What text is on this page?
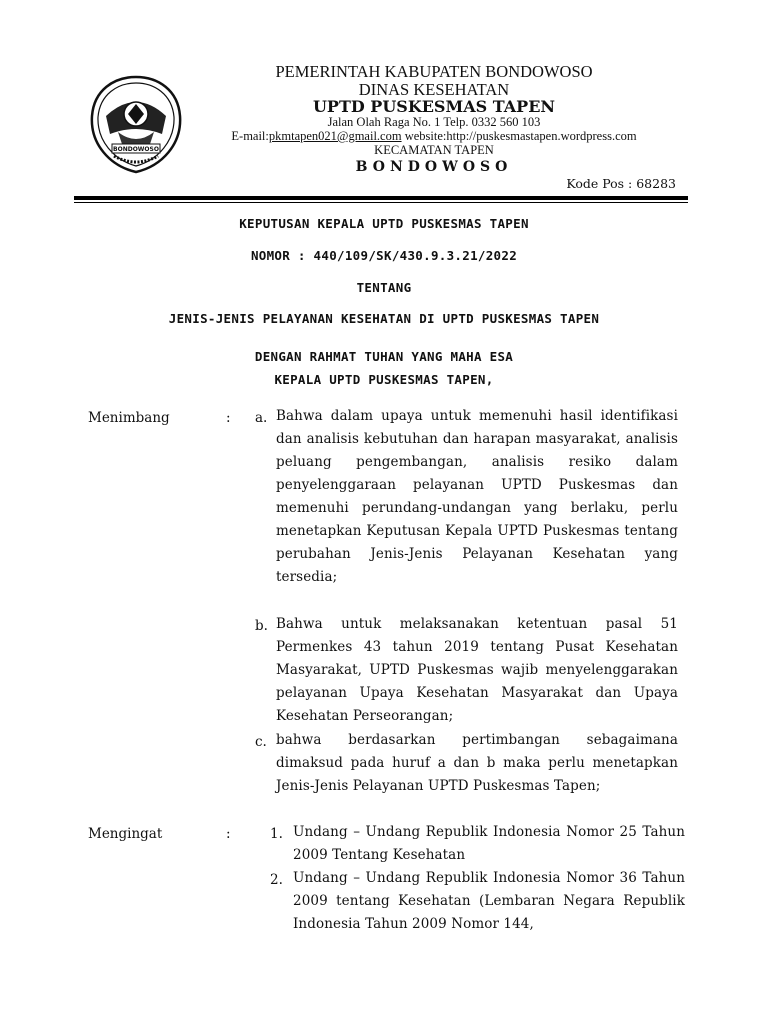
BONDOWOSO
PEMERINTAH KABUPATEN BONDOWOSO
DINAS KESEHATAN
UPTD PUSKESMAS TAPEN
Jalan Olah Raga No. 1 Telp. 0332 560 103
E-mail:pkmtapen021@gmail.com website:http://puskesmastapen.wordpress.com
KECAMATAN TAPEN
BONDOWOSO
Kode Pos : 68283
KEPUTUSAN KEPALA UPTD PUSKESMAS TAPEN
NOMOR : 440/109/SK/430.9.3.21/2022
TENTANG
JENIS-JENIS PELAYANAN KESEHATAN DI UPTD PUSKESMAS TAPEN
DENGAN RAHMAT TUHAN YANG MAHA ESA
KEPALA UPTD PUSKESMAS TAPEN,
Menimbang	: a. Bahwa dalam upaya untuk memenuhi hasil identifikasi dan analisis kebutuhan dan harapan masyarakat, analisis peluang pengembangan, analisis resiko dalam penyelenggaraan pelayanan UPTD Puskesmas dan memenuhi perundang-undangan yang berlaku, perlu menetapkan Keputusan Kepala UPTD Puskesmas tentang perubahan Jenis-Jenis Pelayanan Kesehatan yang tersedia;
b. Bahwa untuk melaksanakan ketentuan pasal 51 Permenkes 43 tahun 2019 tentang Pusat Kesehatan Masyarakat, UPTD Puskesmas wajib menyelenggarakan pelayanan Upaya Kesehatan Masyarakat dan Upaya Kesehatan Perseorangan;
c. bahwa berdasarkan pertimbangan sebagaimana dimaksud pada huruf a dan b maka perlu menetapkan Jenis-Jenis Pelayanan UPTD Puskesmas Tapen;
Mengingat	:	1. Undang – Undang Republik Indonesia Nomor 25 Tahun 2009 Tentang Kesehatan
2. Undang – Undang Republik Indonesia Nomor 36 Tahun 2009 tentang Kesehatan (Lembaran Negara Republik Indonesia Tahun 2009 Nomor 144,
